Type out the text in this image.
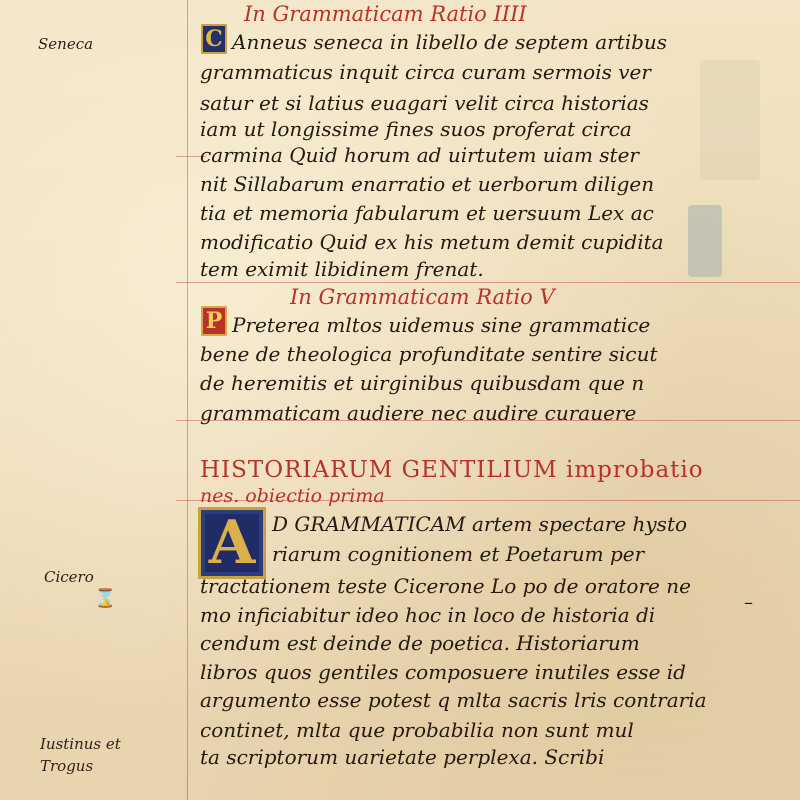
Seneca
Cicero
Iustinus et
Trogus
⌛	–
In Grammaticam Ratio IIII
In Grammaticam Ratio V
HISTORIARUM GENTILIUM improbatio
nes. obiectio prima
C
P
A
Anneus seneca in libello de septem artibus
grammaticus inquit circa curam sermois ver
satur et si latius euagari velit circa historias
iam ut longissime fines suos proferat circa
carmina Quid horum ad uirtutem uiam ster
nit Sillabarum enarratio et uerborum diligen
tia et memoria fabularum et uersuum Lex ac
modificatio Quid ex his metum demit cupidita
tem eximit libidinem frenat.
Preterea mltos uidemus sine grammatice
bene de theologica profunditate sentire sicut
de heremitis et uirginibus quibusdam que n
grammaticam audiere nec audire curauere
D GRAMMATICAM artem spectare hysto
riarum cognitionem et Poetarum per
tractationem teste Cicerone Lo po de oratore ne
mo inficiabitur ideo hoc in loco de historia di
cendum est deinde de poetica. Historiarum
libros quos gentiles composuere inutiles esse id
argumento esse potest q mlta sacris lris contraria
continet, mlta que probabilia non sunt mul
ta scriptorum uarietate perplexa. Scribi
